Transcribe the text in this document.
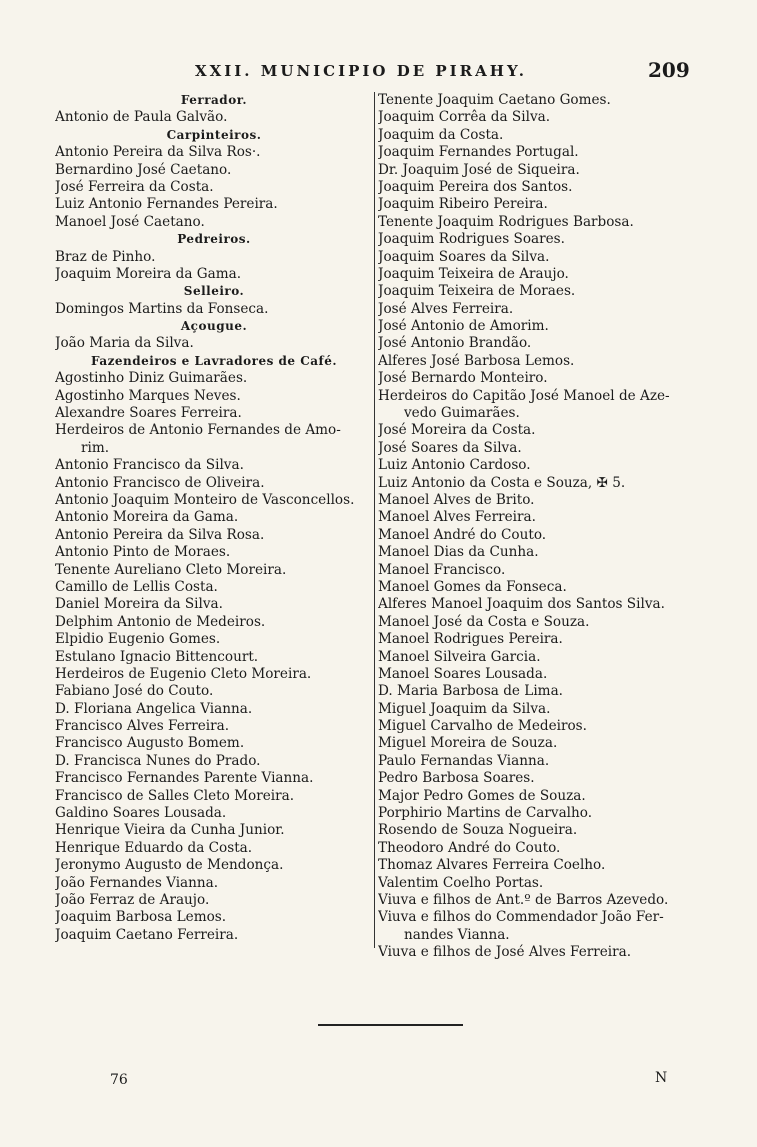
XXII. MUNICIPIO DE PIRAHY.	209
Ferrador.
Antonio de Paula Galvão.
Carpinteiros.
Antonio Pereira da Silva Ros·.
Bernardino José Caetano.
José Ferreira da Costa.
Luiz Antonio Fernandes Pereira.
Manoel José Caetano.
Pedreiros.
Braz de Pinho.
Joaquim Moreira da Gama.
Selleiro.
Domingos Martins da Fonseca.
Açougue.
João Maria da Silva.
Fazendeiros e Lavradores de Café.
Agostinho Diniz Guimarães.
Agostinho Marques Neves.
Alexandre Soares Ferreira.
Herdeiros de Antonio Fernandes de Amo-
rim.
Antonio Francisco da Silva.
Antonio Francisco de Oliveira.
Antonio Joaquim Monteiro de Vasconcellos.
Antonio Moreira da Gama.
Antonio Pereira da Silva Rosa.
Antonio Pinto de Moraes.
Tenente Aureliano Cleto Moreira.
Camillo de Lellis Costa.
Daniel Moreira da Silva.
Delphim Antonio de Medeiros.
Elpidio Eugenio Gomes.
Estulano Ignacio Bittencourt.
Herdeiros de Eugenio Cleto Moreira.
Fabiano José do Couto.
D. Floriana Angelica Vianna.
Francisco Alves Ferreira.
Francisco Augusto Bomem.
D. Francisca Nunes do Prado.
Francisco Fernandes Parente Vianna.
Francisco de Salles Cleto Moreira.
Galdino Soares Lousada.
Henrique Vieira da Cunha Junior.
Henrique Eduardo da Costa.
Jeronymo Augusto de Mendonça.
João Fernandes Vianna.
João Ferraz de Araujo.
Joaquim Barbosa Lemos.
Joaquim Caetano Ferreira.
Tenente Joaquim Caetano Gomes.
Joaquim Corrêa da Silva.
Joaquim da Costa.
Joaquim Fernandes Portugal.
Dr. Joaquim José de Siqueira.
Joaquim Pereira dos Santos.
Joaquim Ribeiro Pereira.
Tenente Joaquim Rodrigues Barbosa.
Joaquim Rodrigues Soares.
Joaquim Soares da Silva.
Joaquim Teixeira de Araujo.
Joaquim Teixeira de Moraes.
José Alves Ferreira.
José Antonio de Amorim.
José Antonio Brandão.
Alferes José Barbosa Lemos.
José Bernardo Monteiro.
Herdeiros do Capitão José Manoel de Aze-
vedo Guimarães.
José Moreira da Costa.
José Soares da Silva.
Luiz Antonio Cardoso.
Luiz Antonio da Costa e Souza, ✠ 5.
Manoel Alves de Brito.
Manoel Alves Ferreira.
Manoel André do Couto.
Manoel Dias da Cunha.
Manoel Francisco.
Manoel Gomes da Fonseca.
Alferes Manoel Joaquim dos Santos Silva.
Manoel José da Costa e Souza.
Manoel Rodrigues Pereira.
Manoel Silveira Garcia.
Manoel Soares Lousada.
D. Maria Barbosa de Lima.
Miguel Joaquim da Silva.
Miguel Carvalho de Medeiros.
Miguel Moreira de Souza.
Paulo Fernandas Vianna.
Pedro Barbosa Soares.
Major Pedro Gomes de Souza.
Porphirio Martins de Carvalho.
Rosendo de Souza Nogueira.
Theodoro André do Couto.
Thomaz Alvares Ferreira Coelho.
Valentim Coelho Portas.
Viuva e filhos de Ant.º de Barros Azevedo.
Viuva e filhos do Commendador João Fer-
nandes Vianna.
Viuva e filhos de José Alves Ferreira.
76	N
